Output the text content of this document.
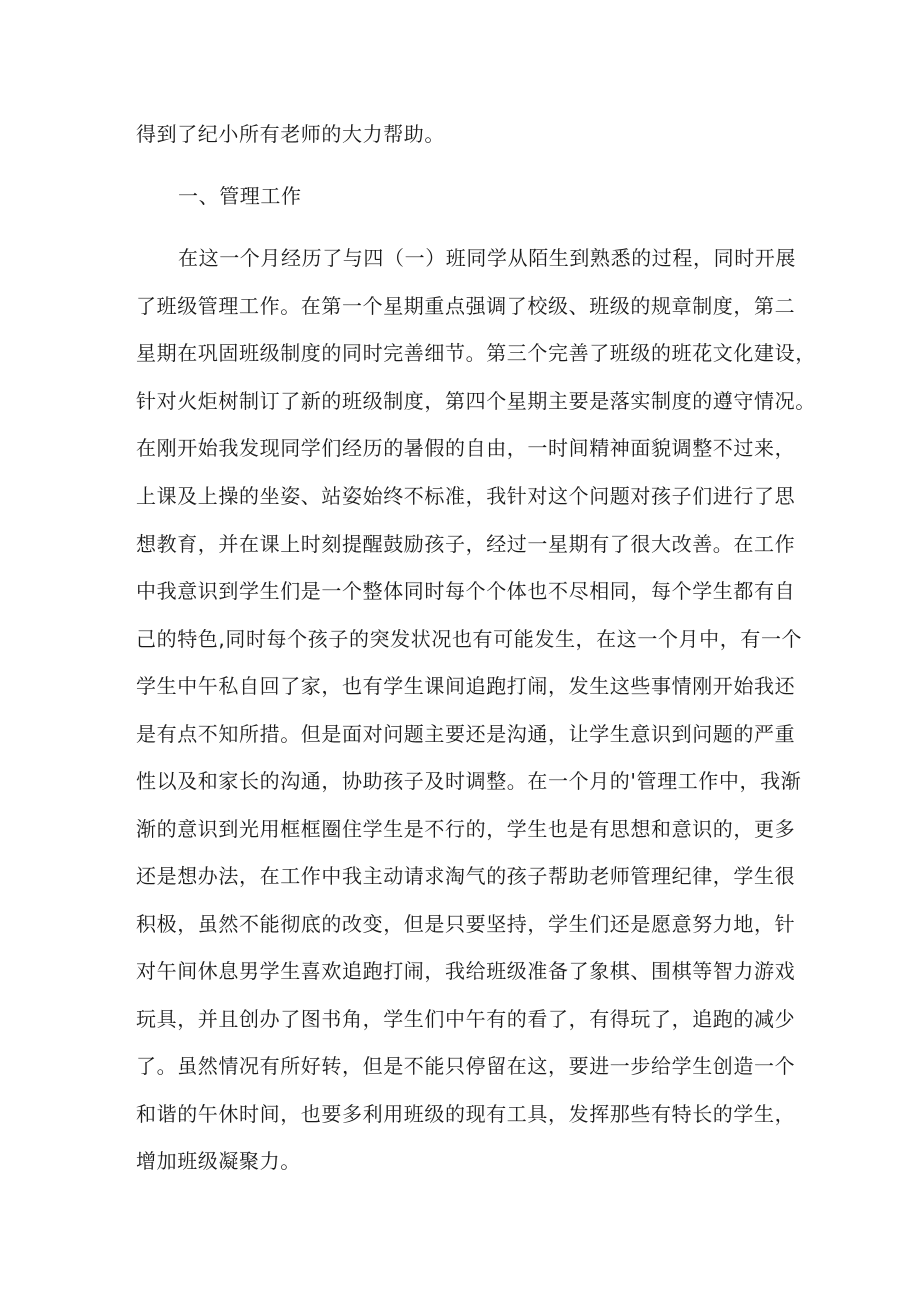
得到了纪小所有老师的大力帮助。
一、管理工作
在这一个月经历了与四（一）班同学从陌生到熟悉的过程，同时开展
了班级管理工作。在第一个星期重点强调了校级、班级的规章制度，第二
星期在巩固班级制度的同时完善细节。第三个完善了班级的班花文化建设，
针对火炬树制订了新的班级制度，第四个星期主要是落实制度的遵守情况。
在刚开始我发现同学们经历的暑假的自由，一时间精神面貌调整不过来，
上课及上操的坐姿、站姿始终不标准，我针对这个问题对孩子们进行了思
想教育，并在课上时刻提醒鼓励孩子，经过一星期有了很大改善。在工作
中我意识到学生们是一个整体同时每个个体也不尽相同，每个学生都有自
己的特色,同时每个孩子的突发状况也有可能发生，在这一个月中，有一个
学生中午私自回了家，也有学生课间追跑打闹，发生这些事情刚开始我还
是有点不知所措。但是面对问题主要还是沟通，让学生意识到问题的严重
性以及和家长的沟通，协助孩子及时调整。在一个月的'管理工作中，我渐
渐的意识到光用框框圈住学生是不行的，学生也是有思想和意识的，更多
还是想办法，在工作中我主动请求淘气的孩子帮助老师管理纪律，学生很
积极，虽然不能彻底的改变，但是只要坚持，学生们还是愿意努力地，针
对午间休息男学生喜欢追跑打闹，我给班级准备了象棋、围棋等智力游戏
玩具，并且创办了图书角，学生们中午有的看了，有得玩了，追跑的减少
了。虽然情况有所好转，但是不能只停留在这，要进一步给学生创造一个
和谐的午休时间，也要多利用班级的现有工具，发挥那些有特长的学生，
增加班级凝聚力。
